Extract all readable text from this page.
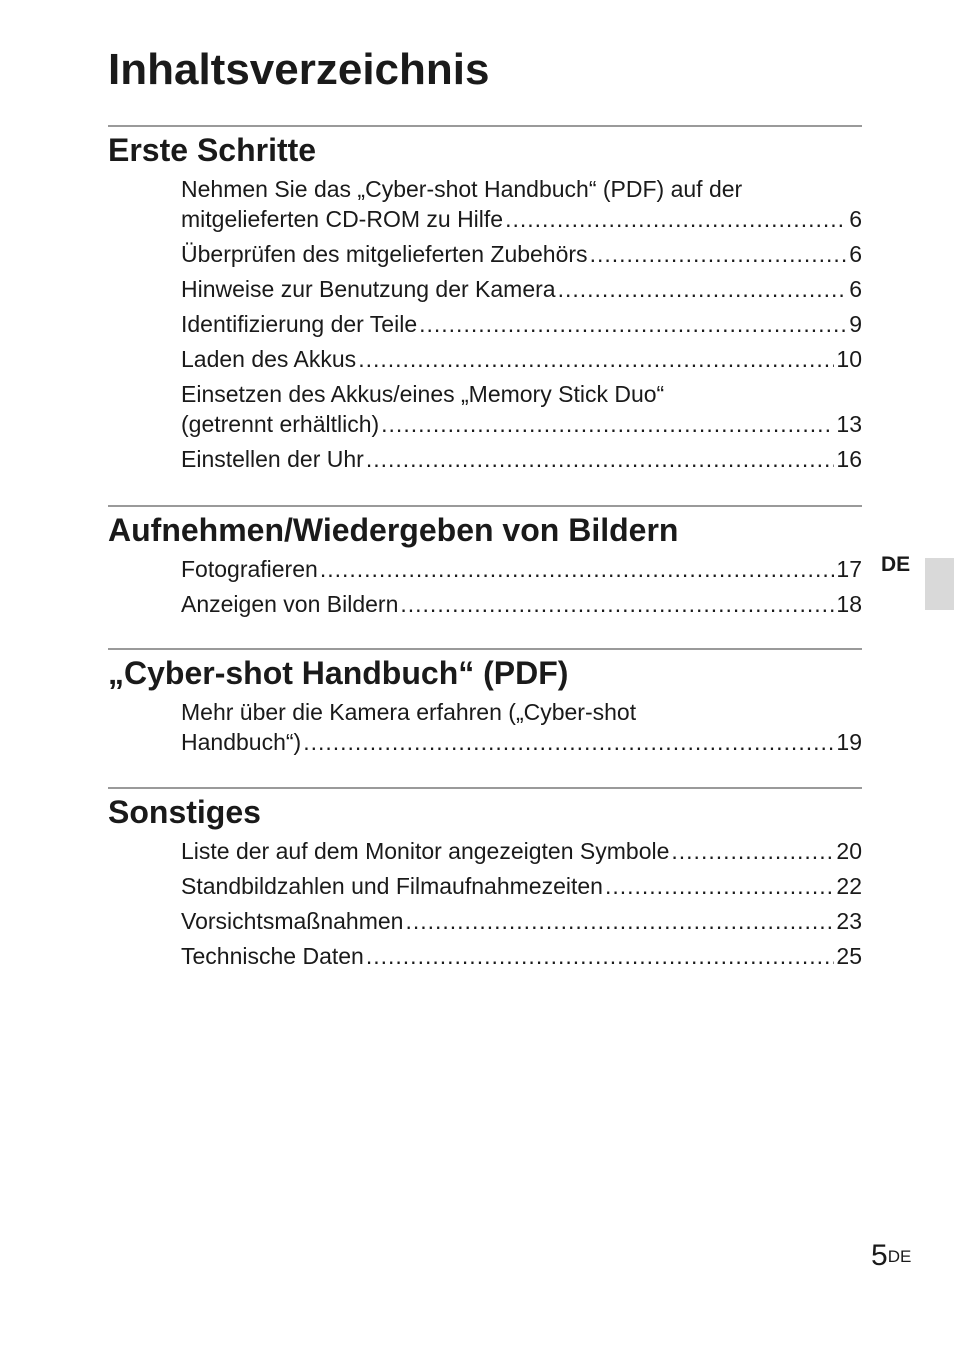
Inhaltsverzeichnis
Erste Schritte
Nehmen Sie das „Cyber-shot Handbuch“ (PDF) auf der
mitgelieferten CD-ROM zu Hilfe .....	6
Überprüfen des mitgelieferten Zubehörs .....	6
Hinweise zur Benutzung der Kamera .....	6
Identifizierung der Teile .....	9
Laden des Akkus .....	10
Einsetzen des Akkus/eines „Memory Stick Duo“
(getrennt erhältlich) .....	13
Einstellen der Uhr .....	16
Aufnehmen/Wiedergeben von Bildern
Fotografieren .....	17
Anzeigen von Bildern .....	18
„Cyber-shot Handbuch“ (PDF)
Mehr über die Kamera erfahren („Cyber-shot
Handbuch“) .....	19
Sonstiges
Liste der auf dem Monitor angezeigten Symbole .....	20
Standbildzahlen und Filmaufnahmezeiten .....	22
Vorsichtsmaßnahmen .....	23
Technische Daten .....	25
DE
5DE
